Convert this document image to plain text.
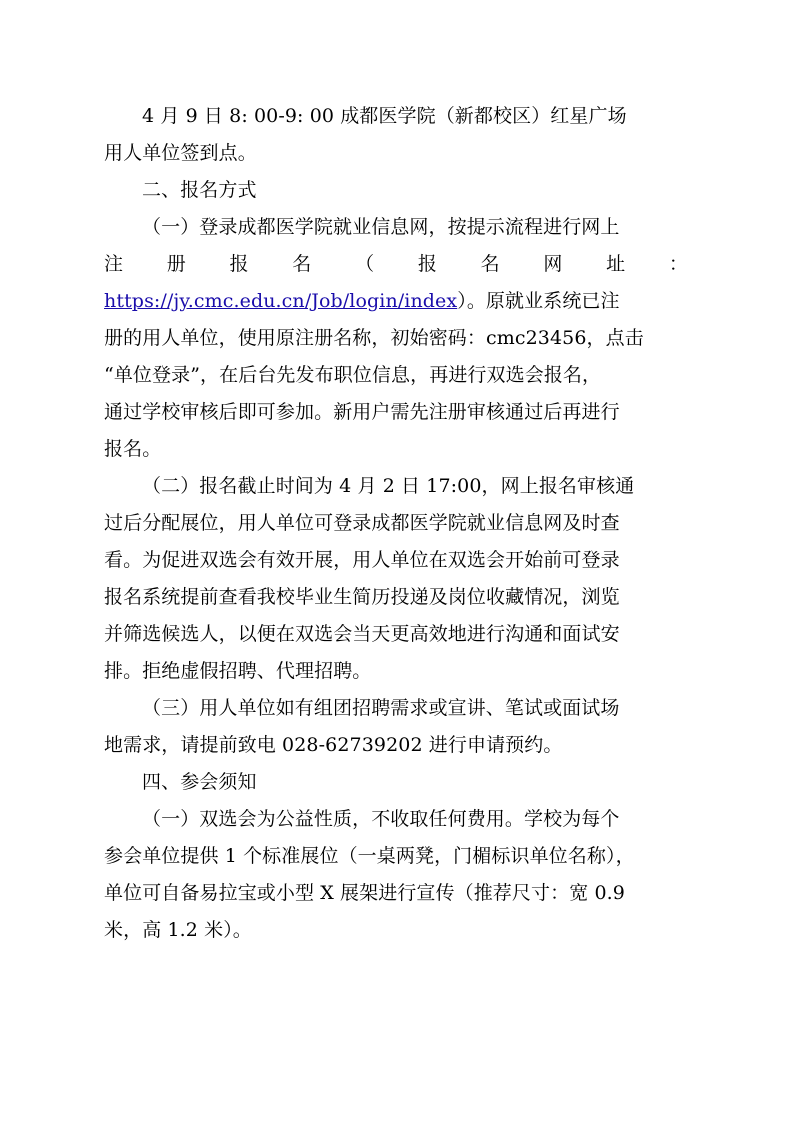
4 月 9 日 8: 00-9: 00 成都医学院（新都校区）红星广场
用人单位签到点。
二、报名方式
（一）登录成都医学院就业信息网，按提示流程进行网上
注 册 报 名 （ 报 名 网 址 ：
https://jy.cmc.edu.cn/Job/login/index）。原就业系统已注
册的用人单位，使用原注册名称，初始密码：cmc23456，点击
“单位登录”，在后台先发布职位信息，再进行双选会报名，
通过学校审核后即可参加。新用户需先注册审核通过后再进行
报名。
（二）报名截止时间为 4 月 2 日 17:00，网上报名审核通
过后分配展位，用人单位可登录成都医学院就业信息网及时查
看。为促进双选会有效开展，用人单位在双选会开始前可登录
报名系统提前查看我校毕业生简历投递及岗位收藏情况，浏览
并筛选候选人，以便在双选会当天更高效地进行沟通和面试安
排。拒绝虚假招聘、代理招聘。
（三）用人单位如有组团招聘需求或宣讲、笔试或面试场
地需求，请提前致电 028-62739202 进行申请预约。
四、参会须知
（一）双选会为公益性质，不收取任何费用。学校为每个
参会单位提供 1 个标准展位（一桌两凳，门楣标识单位名称），
单位可自备易拉宝或小型 X 展架进行宣传（推荐尺寸：宽 0.9
米，高 1.2 米）。
